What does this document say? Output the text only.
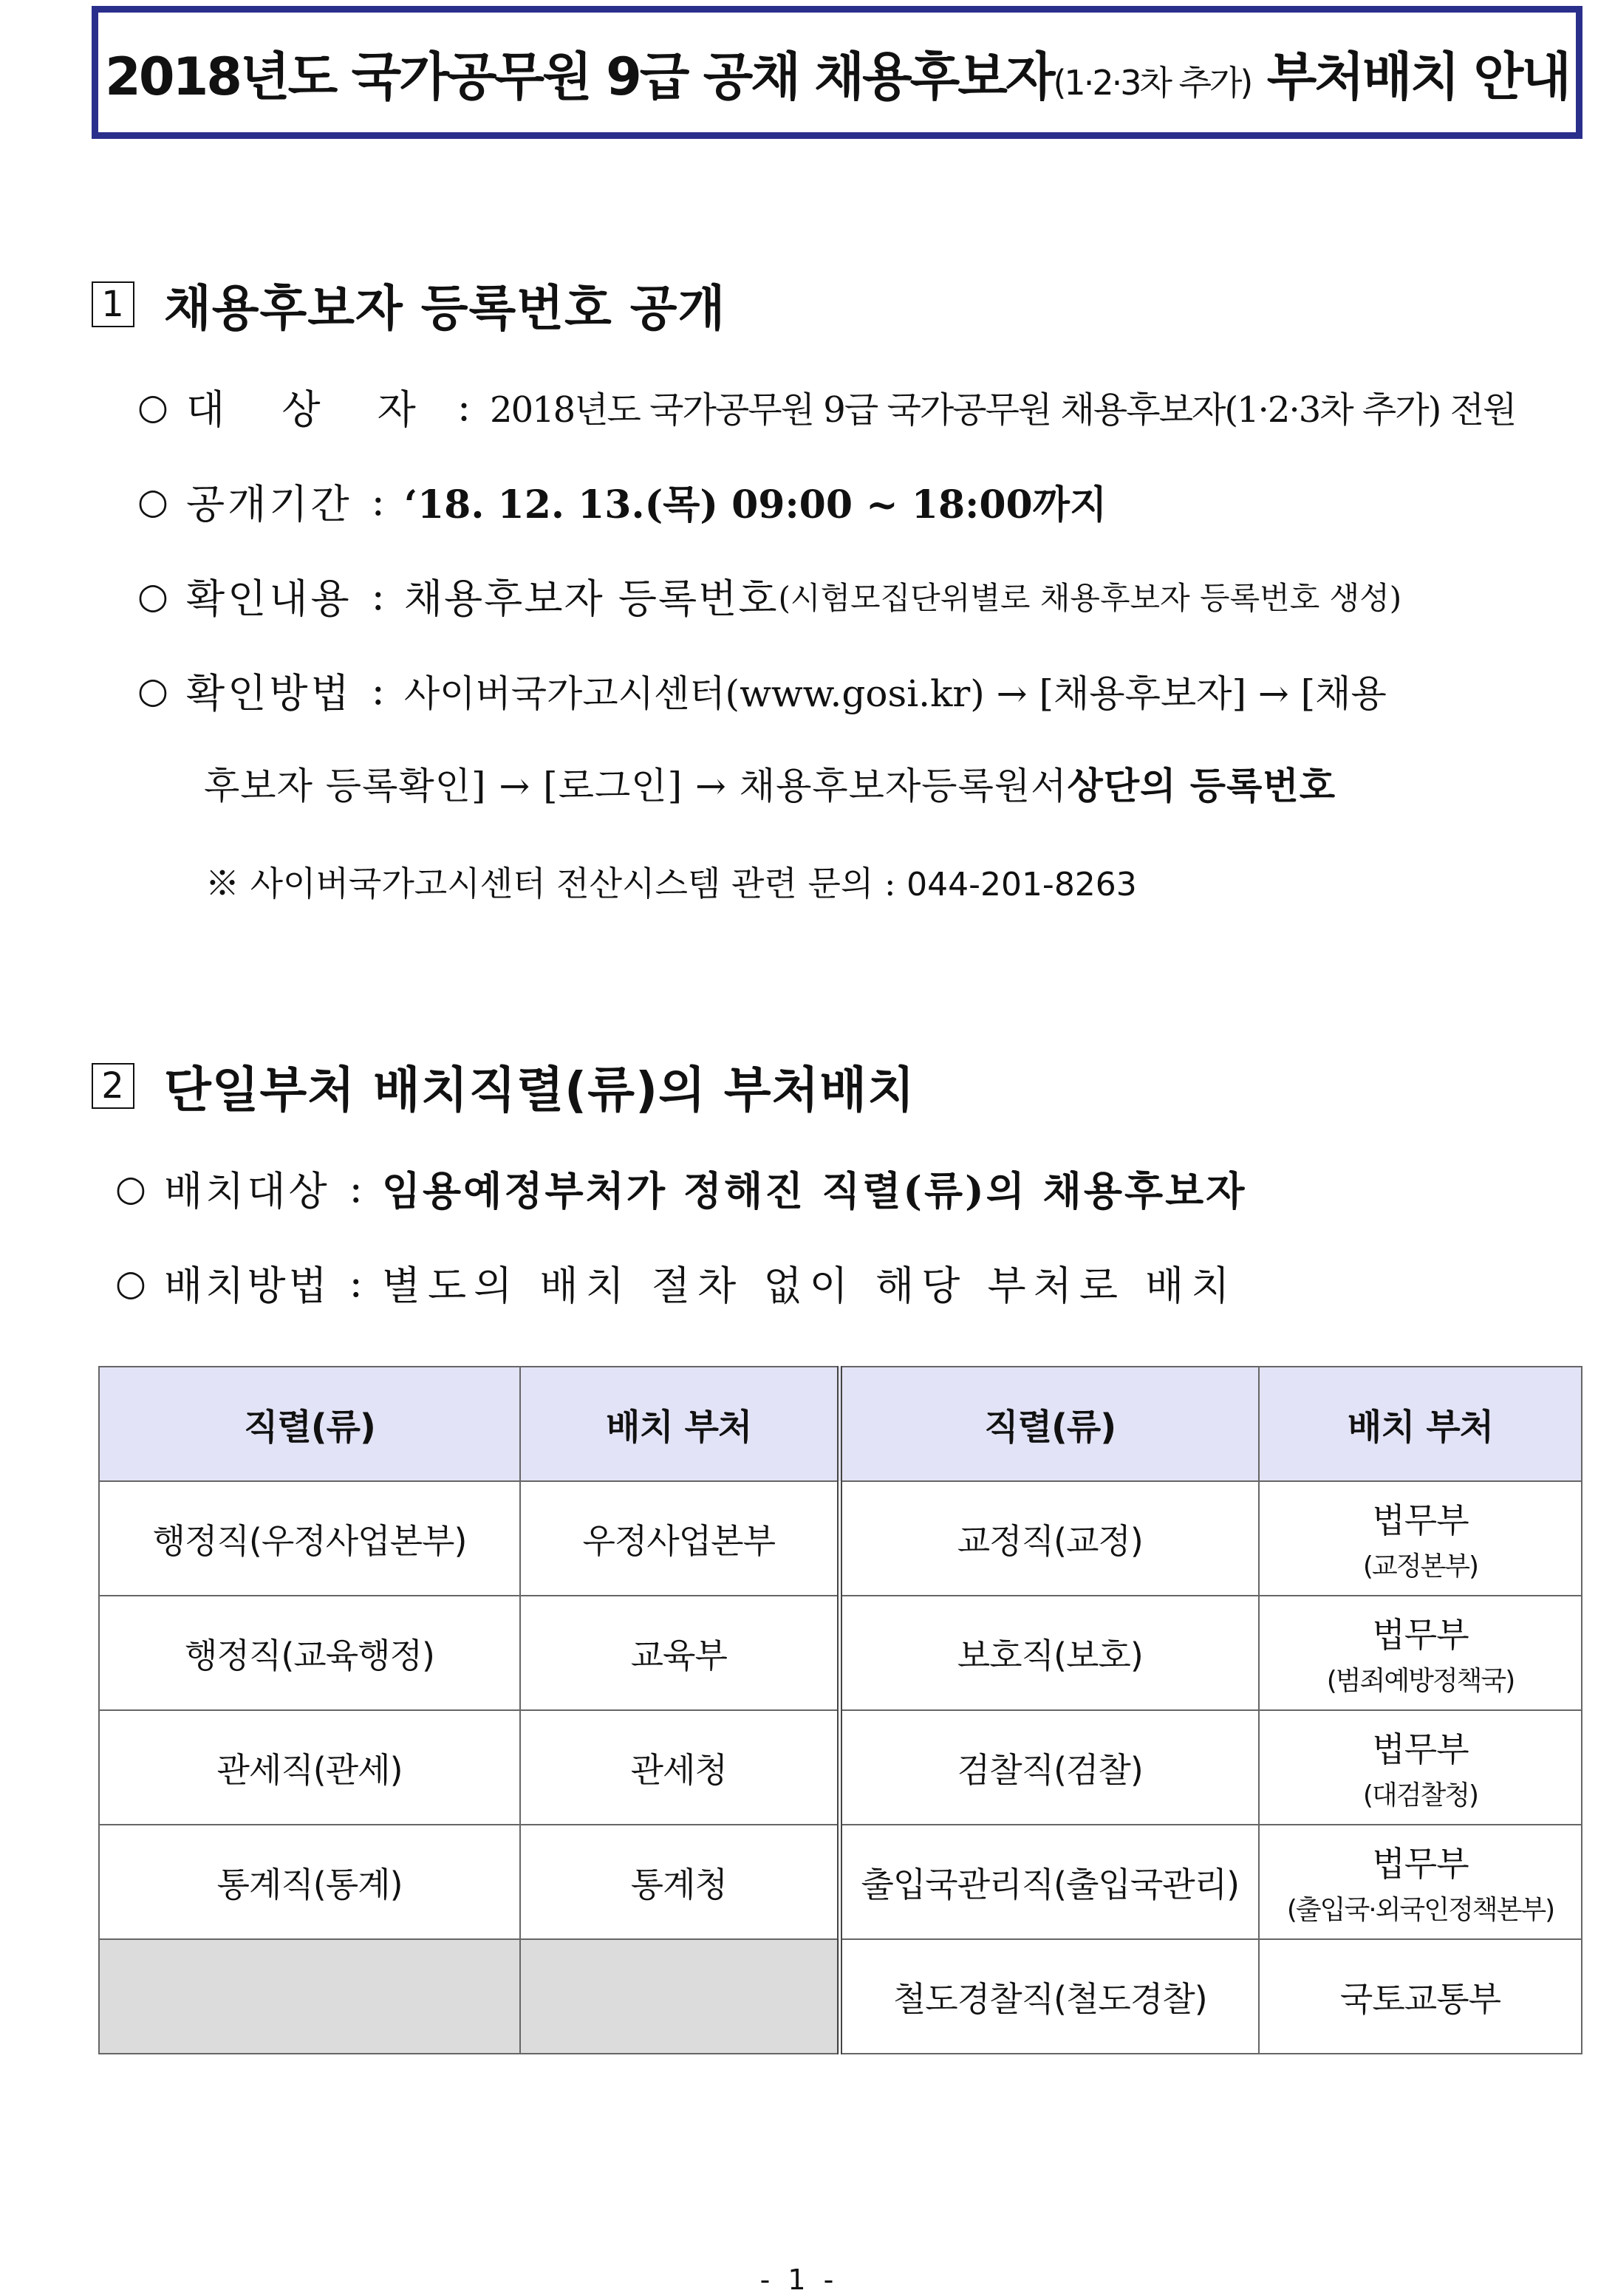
2018년도 국가공무원 9급 공채 채용후보자(1·2·3차 추가) 부처배치 안내
1 채용후보자 등록번호 공개
○ 대 상 자 : 2018년도 국가공무원 9급 국가공무원 채용후보자(1·2·3차 추가) 전원
○ 공개기간 : ‘18. 12. 13.(목) 09:00 ~ 18:00까지
○ 확인내용 : 채용후보자 등록번호 (시험모집단위별로 채용후보자 등록번호 생성)
○ 확인방법 : 사이버국가고시센터(www.gosi.kr) → [채용후보자] → [채용
후보자 등록확인] → [로그인] → 채용후보자등록원서 상단의 등록번호
※ 사이버국가고시센터 전산시스템 관련 문의 : 044-201-8263
2 단일부처 배치직렬(류)의 부처배치
○ 배치대상 : 임용예정부처가 정해진 직렬(류)의 채용후보자
○ 배치방법 : 별도의 배치 절차 없이 해당 부처로 배치
직렬(류)	배치 부처	직렬(류)	배치 부처
행정직(우정사업본부)	우정사업본부	교정직(교정)	법무부
(교정본부)

행정직(교육행정)	교육부	보호직(보호)	법무부
(범죄예방정책국)

관세직(관세)	관세청	검찰직(검찰)	법무부
(대검찰청)

통계직(통계)	통계청	출입국관리직(출입국관리)	법무부
(출입국·외국인정책본부)

		철도경찰직(철도경찰)	국토교통부
- 1 -
